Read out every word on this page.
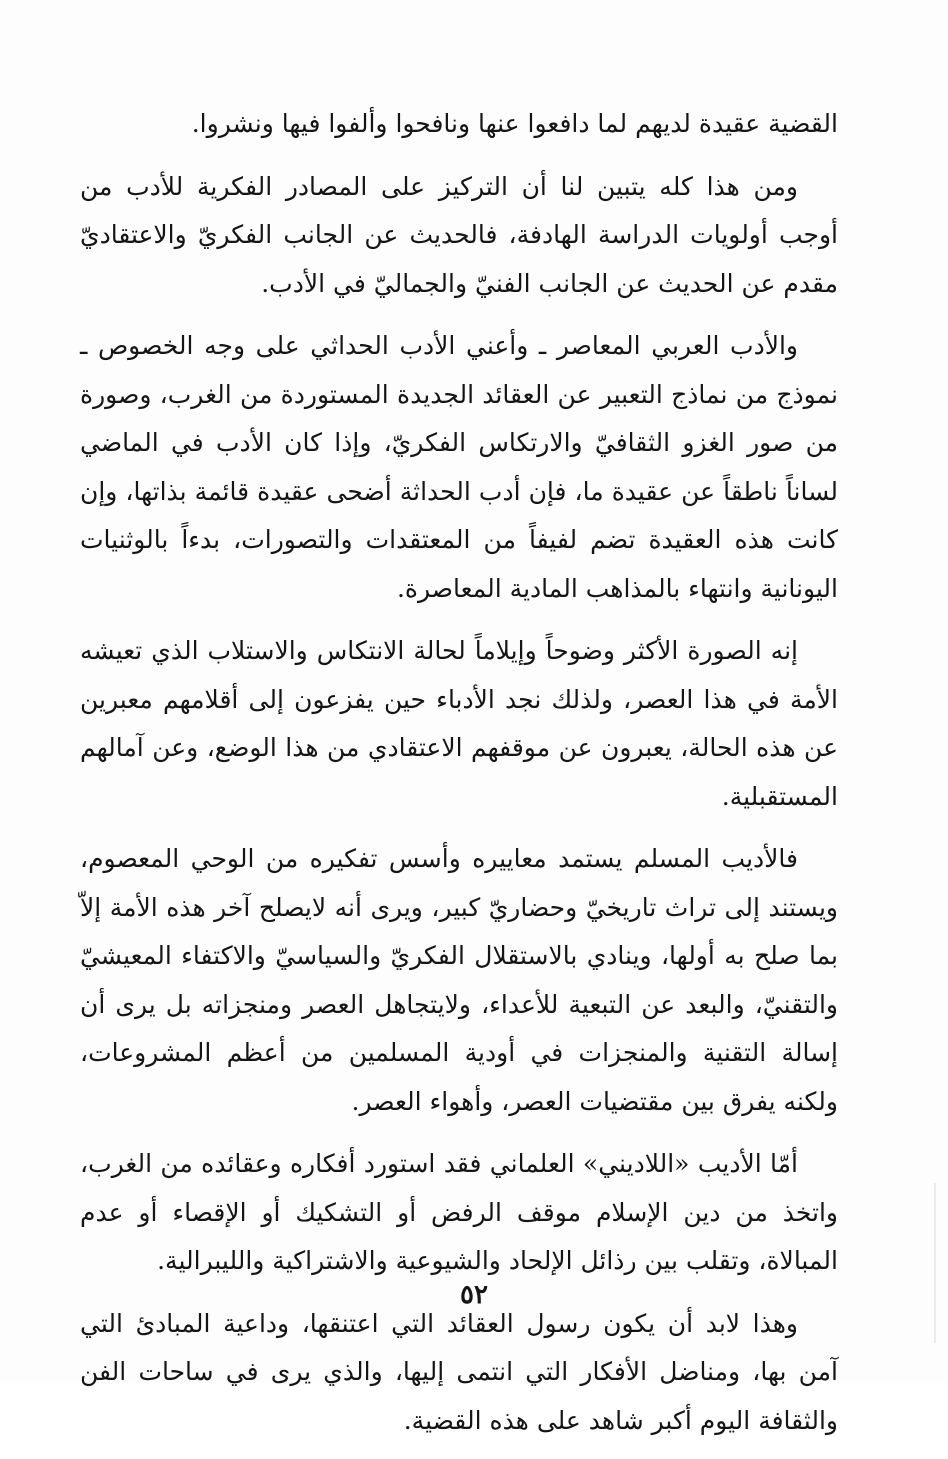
القضية عقيدة لديهم لما دافعوا عنها ونافحوا وألفوا فيها ونشروا.

ومن هذا كله يتبين لنا أن التركيز على المصادر الفكرية للأدب من أوجب أولويات الدراسة الهادفة، فالحديث عن الجانب الفكريّ والاعتقاديّ مقدم عن الحديث عن الجانب الفنيّ والجماليّ في الأدب.

والأدب العربي المعاصر ـ وأعني الأدب الحداثي على وجه الخصوص ـ نموذج من نماذج التعبير عن العقائد الجديدة المستوردة من الغرب، وصورة من صور الغزو الثقافيّ والارتكاس الفكريّ، وإذا كان الأدب في الماضي لساناً ناطقاً عن عقيدة ما، فإن أدب الحداثة أضحى عقيدة قائمة بذاتها، وإن كانت هذه العقيدة تضم لفيفاً من المعتقدات والتصورات، بدءاً بالوثنيات اليونانية وانتهاء بالمذاهب المادية المعاصرة.

إنه الصورة الأكثر وضوحاً وإيلاماً لحالة الانتكاس والاستلاب الذي تعيشه الأمة في هذا العصر، ولذلك نجد الأدباء حين يفزعون إلى أقلامهم معبرين عن هذه الحالة، يعبرون عن موقفهم الاعتقادي من هذا الوضع، وعن آمالهم المستقبلية.

فالأديب المسلم يستمد معاييره وأسس تفكيره من الوحي المعصوم، ويستند إلى تراث تاريخيّ وحضاريّ كبير، ويرى أنه لايصلح آخر هذه الأمة إلاّ بما صلح به أولها، وينادي بالاستقلال الفكريّ والسياسيّ والاكتفاء المعيشيّ والتقنيّ، والبعد عن التبعية للأعداء، ولايتجاهل العصر ومنجزاته بل يرى أن إسالة التقنية والمنجزات في أودية المسلمين من أعظم المشروعات، ولكنه يفرق بين مقتضيات العصر، وأهواء العصر.

أمّا الأديب «اللاديني» العلماني فقد استورد أفكاره وعقائده من الغرب، واتخذ من دين الإسلام موقف الرفض أو التشكيك أو الإقصاء أو عدم المبالاة، وتقلب بين رذائل الإلحاد والشيوعية والاشتراكية والليبرالية.

وهذا لابد أن يكون رسول العقائد التي اعتنقها، وداعية المبادئ التي آمن بها، ومناضل الأفكار التي انتمى إليها، والذي يرى في ساحات الفن والثقافة اليوم أكبر شاهد على هذه القضية.

٥٢
